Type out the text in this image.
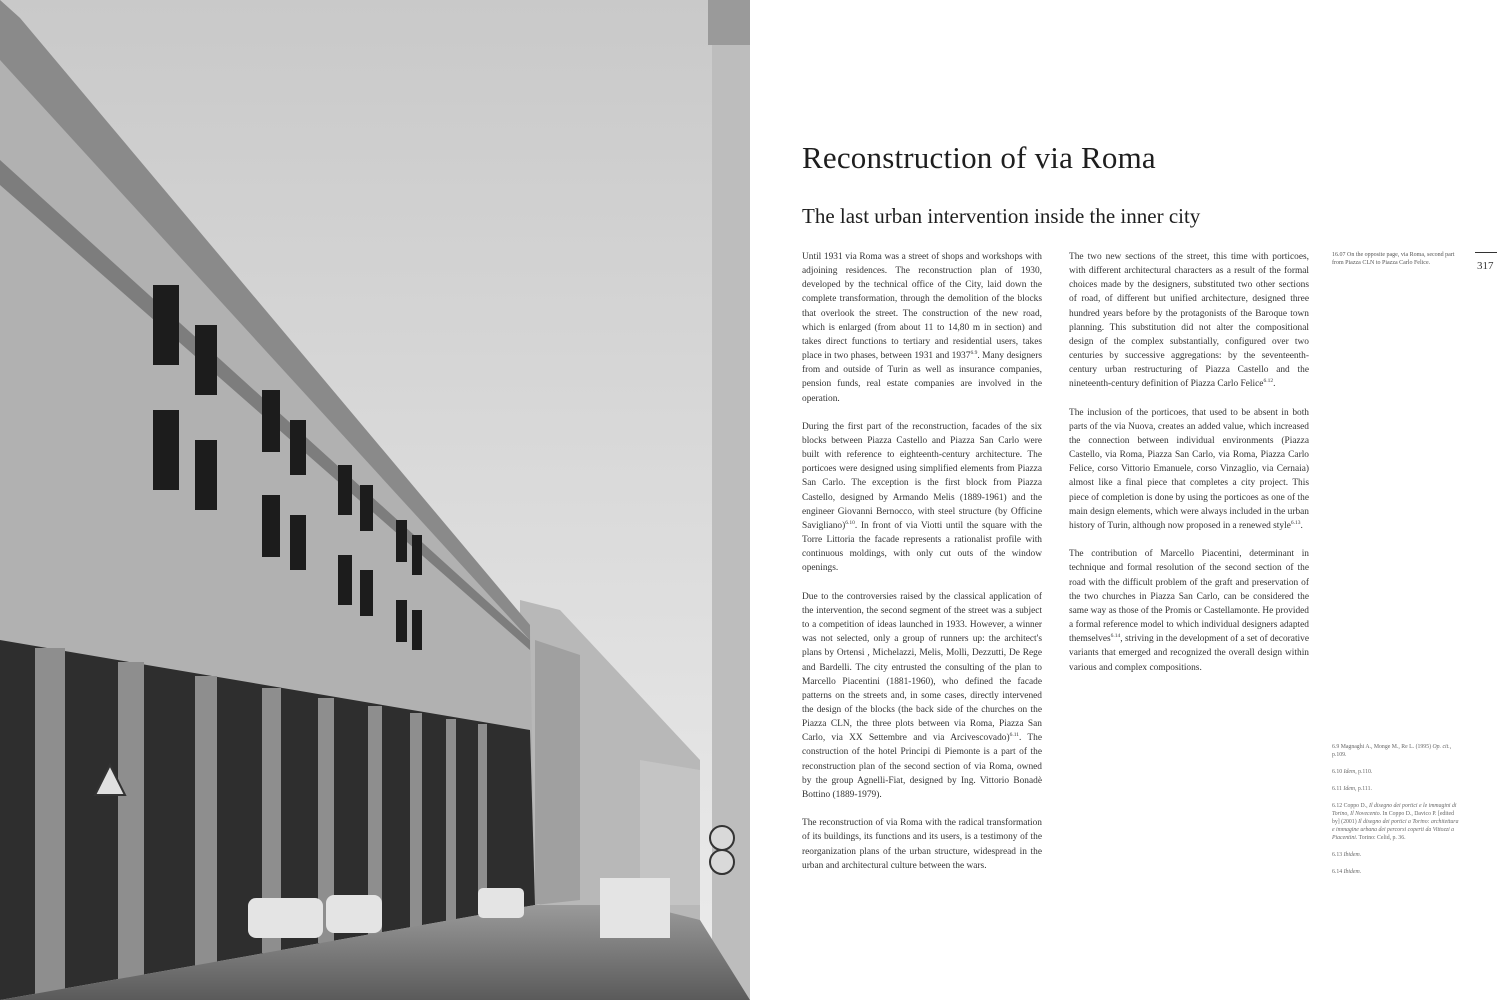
Reconstruction of via Roma
The last urban intervention inside the inner city

Until 1931 via Roma was a street of shops and workshops with adjoining residences. The reconstruction plan of 1930, developed by the technical office of the City, laid down the complete transformation, through the demolition of the blocks that overlook the street. The construction of the new road, which is enlarged (from about 11 to 14,80 m in section) and takes direct functions to tertiary and residential users, takes place in two phases, between 1931 and 1937$^{6.9}$. Many designers from and outside of Turin as well as insurance companies, pension funds, real estate companies are involved in the operation.

During the first part of the reconstruction, facades of the six blocks between Piazza Castello and Piazza San Carlo were built with reference to eighteenth-century architecture. The porticoes were designed using simplified elements from Piazza San Carlo. The exception is the first block from Piazza Castello, designed by Armando Melis (1889-1961) and the engineer Giovanni Bernocco, with steel structure (by Officine Savigliano)$^{6.10}$. In front of via Viotti until the square with the Torre Littoria the facade represents a rationalist profile with continuous moldings, with only cut outs of the window openings.

Due to the controversies raised by the classical application of the intervention, the second segment of the street was a subject to a competition of ideas launched in 1933. However, a winner was not selected, only a group of runners up: the architect's plans by Ortensi , Michelazzi, Melis, Molli, Dezzutti, De Rege and Bardelli. The city entrusted the consulting of the plan to Marcello Piacentini (1881-1960), who defined the facade patterns on the streets and, in some cases, directly intervened the design of the blocks (the back side of the churches on the Piazza CLN, the three plots between via Roma, Piazza San Carlo, via XX Settembre and via Arcivescovado)$^{6.11}$. The construction of the hotel Principi di Piemonte is a part of the reconstruction plan of the second section of via Roma, owned by the group Agnelli-Fiat, designed by Ing. Vittorio Bonadè Bottino (1889-1979).

The reconstruction of via Roma with the radical transformation of its buildings, its functions and its users, is a testimony of the reorganization plans of the urban structure, widespread in the urban and architectural culture between the wars.

The two new sections of the street, this time with porticoes, with different architectural characters as a result of the formal choices made by the designers, substituted two other sections of road, of different but unified architecture, designed three hundred years before by the protagonists of the Baroque town planning. This substitution did not alter the compositional design of the complex substantially, configured over two centuries by successive aggregations: by the seventeenth-century urban restructuring of Piazza Castello and the nineteenth-century definition of Piazza Carlo Felice$^{6.12}$.

The inclusion of the porticoes, that used to be absent in both parts of the via Nuova, creates an added value, which increased the connection between individual environments (Piazza Castello, via Roma, Piazza San Carlo, via Roma, Piazza Carlo Felice, corso Vittorio Emanuele, corso Vinzaglio, via Cernaia) almost like a final piece that completes a city project. This piece of completion is done by using the porticoes as one of the main design elements, which were always included in the urban history of Turin, although now proposed in a renewed style$^{6.13}$.

The contribution of Marcello Piacentini, determinant in technique and formal resolution of the second section of the road with the difficult problem of the graft and preservation of the two churches in Piazza San Carlo, can be considered the same way as those of the Promis or Castellamonte. He provided a formal reference model to which individual designers adapted themselves$^{6.14}$, striving in the development of a set of decorative variants that emerged and recognized the overall design within various and complex compositions.

16.07 On the opposite page, via Roma, second part from Piazza CLN to Piazza Carlo Felice.	317

6.9 Magnaghi A., Monge M., Re L. (1995) Op. cit., p.109.

6.10 Idem, p.110.

6.11 Idem, p.111.

6.12 Coppo D., Il disegno dei portici e le immagini di Torino, Il Novecento. In Coppo D., Davico P. [edited by] (2001) Il disegno dei portici a Torino: architettura e immagine urbana dei percorsi coperti da Vittozzi a Piacentini. Torino: Celid, p. 36.

6.13 Ibidem.

6.14 Ibidem.
